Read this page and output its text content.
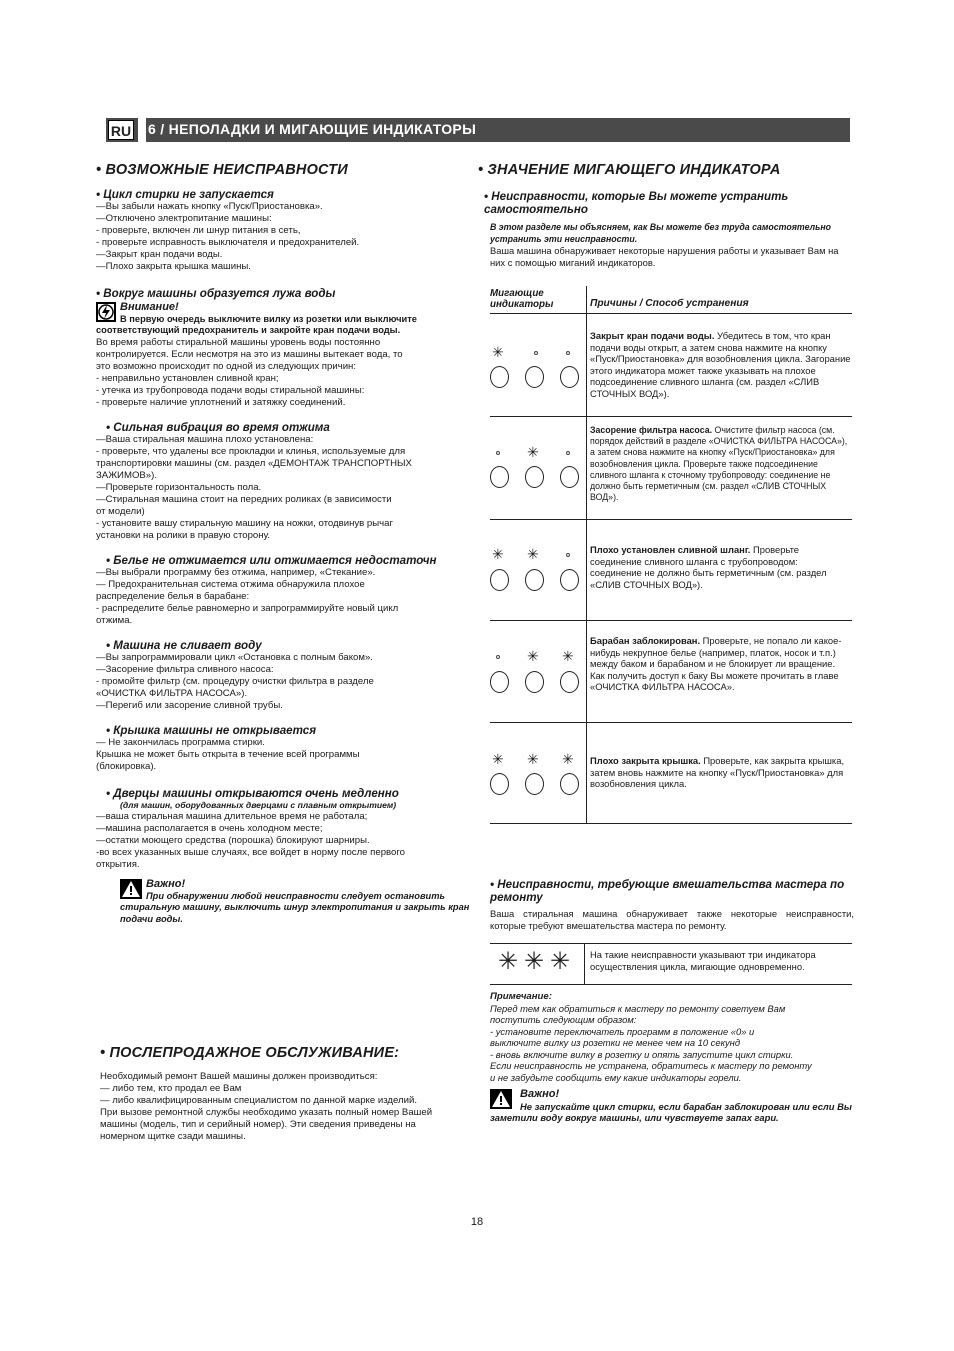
RU 6 / НЕПОЛАДКИ И МИГАЮЩИЕ ИНДИКАТОРЫ

• ВОЗМОЖНЫЕ НЕИСПРАВНОСТИ

• Цикл стирки не запускается

—Вы забыли нажать кнопку «Пуск/Приостановка».

—Отключено электропитание машины:

- проверьте, включен ли шнур питания в сеть,

- проверьте исправность выключателя и предохранителей.

—Закрыт кран подачи воды.

—Плохо закрыта крышка машины.

• Вокруг машины образуется лужа воды

Внимание!

В первую очередь выключите вилку из розетки или выключите соответствующий предохранитель и закройте кран подачи воды.

Во время работы стиральной машины уровень воды постоянно

контролируется. Если несмотря на это из машины вытекает вода, то

это возможно происходит по одной из следующих причин:

- неправильно установлен сливной кран;

- утечка из трубопровода подачи воды стиральной машины:

- проверьте наличие уплотнений и затяжку соединений.

• Сильная вибрация во время отжима

—Ваша стиральная машина плохо установлена:

- проверьте, что удалены все прокладки и клинья, используемые для

транспортировки машины (см. раздел «ДЕМОНТАЖ ТРАНСПОРТНЫХ

ЗАЖИМОВ»).

—Проверьте горизонтальность пола.

—Стиральная машина стоит на передних роликах (в зависимости

от модели)

- установите вашу стиральную машину на ножки, отодвинув рычаг

установки на ролики в правую сторону.

• Белье не отжимается или отжимается недостаточн

—Вы выбрали программу без отжима, например, «Стекание».

— Предохранительная система отжима обнаружила плохое

распределение белья в барабане:

- распределите белье равномерно и запрограммируйте новый цикл

отжима.

• Машина не сливает воду

—Вы запрограммировали цикл «Остановка с полным баком».

—Засорение фильтра сливного насоса:

- промойте фильтр (см. процедуру очистки фильтра в разделе

«ОЧИСТКА ФИЛЬТРА НАСОСА»).

—Перегиб или засорение сливной трубы.

• Крышка машины не открывается

— Не закончилась программа стирки.

Крышка не может быть открыта в течение всей программы

(блокировка).

• Дверцы машины открываются очень медленно

(для машин, оборудованных дверцами с плавным открытием)

—ваша стиральная машина длительное время не работала;

—машина располагается в очень холодном месте;

—остатки моющего средства (порошка) блокируют шарниры.

-во всех указанных выше случаях, все войдет в норму после первого

открытия.

Важно!

При обнаружении любой неисправности следует остановить стиральную машину, выключить шнур электропитания и закрыть кран подачи воды.

• ПОСЛЕПРОДАЖНОЕ ОБСЛУЖИВАНИЕ:

Необходимый ремонт Вашей машины должен производиться:

— либо тем, кто продал ее Вам

— либо квалифицированным специалистом по данной марке изделий.

При вызове ремонтной службы необходимо указать полный номер Вашей

машины (модель, тип и серийный номер). Эти сведения приведены на

номерном щитке сзади машины.

• ЗНАЧЕНИЕ МИГАЮЩЕГО ИНДИКАТОРА

• Неисправности, которые Вы можете устранить самостоятельно

В этом разделе мы объясняем, как Вы можете без труда самостоятельно устранить эти неисправности.

Ваша машина обнаруживает некоторые нарушения работы и указывает Вам на них с помощью миганий индикаторов.

Мигающие индикаторы	Причины / Способ устранения
✳
Закрыт кран подачи воды. Убедитесь в том, что кран подачи воды открыт, а затем снова нажмите на кнопку «Пуск/Приостановка» для возобновления цикла. Загорание этого индикатора может также указывать на плохое подсоединение сливного шланга (см. раздел «СЛИВ СТОЧНЫХ ВОД»).
✳
Засорение фильтра насоса. Очистите фильтр насоса (см. порядок действий в разделе «ОЧИСТКА ФИЛЬТРА НАСОСА»), а затем снова нажмите на кнопку «Пуск/Приостановка» для возобновления цикла. Проверьте также подсоединение сливного шланга к сточному трубопроводу: соединение не должно быть герметичным (см. раздел «СЛИВ СТОЧНЫХ ВОД»).
✳ ✳	Плохо установлен сливной шланг. Проверьте соединение сливного шланга с трубопроводом: соединение не должно быть герметичным (см. раздел «СЛИВ СТОЧНЫХ ВОД»).
✳ ✳
Барабан заблокирован. Проверьте, не попало ли какое-нибудь некрупное белье (например, платок, носок и т.п.) между баком и барабаном и не блокирует ли вращение. Как получить доступ к баку Вы можете прочитать в главе «ОЧИСТКА ФИЛЬТРА НАСОСА».
✳ ✳ ✳ Плохо закрыта крышка. Проверьте, как закрыта крышка, затем вновь нажмите на кнопку «Пуск/Приостановка» для возобновления цикла.

• Неисправности, требующие вмешательства мастера по ремонту

Ваша стиральная машина обнаруживает также некоторые неисправности, которые требуют вмешательства мастера по ремонту.

✳ ✳ ✳ На такие неисправности указывают три индикатора осуществления цикла, мигающие одновременно.

Примечание:

Перед тем как обратиться к мастеру по ремонту советуем Вам

поступить следующим образом:

- установите переключатель программ в положение «0» и

выключите вилку из розетки не менее чем на 10 секунд

- вновь включите вилку в розетку и опять запустите цикл стирки.

Если неисправность не устранена, обратитесь к мастеру по ремонту

и не забудьте сообщить ему какие индикаторы горели.

Важно!

Не запускайте цикл стирки, если барабан заблокирован или если Вы заметили воду вокруг машины, или чувствуете запах гари.

18
